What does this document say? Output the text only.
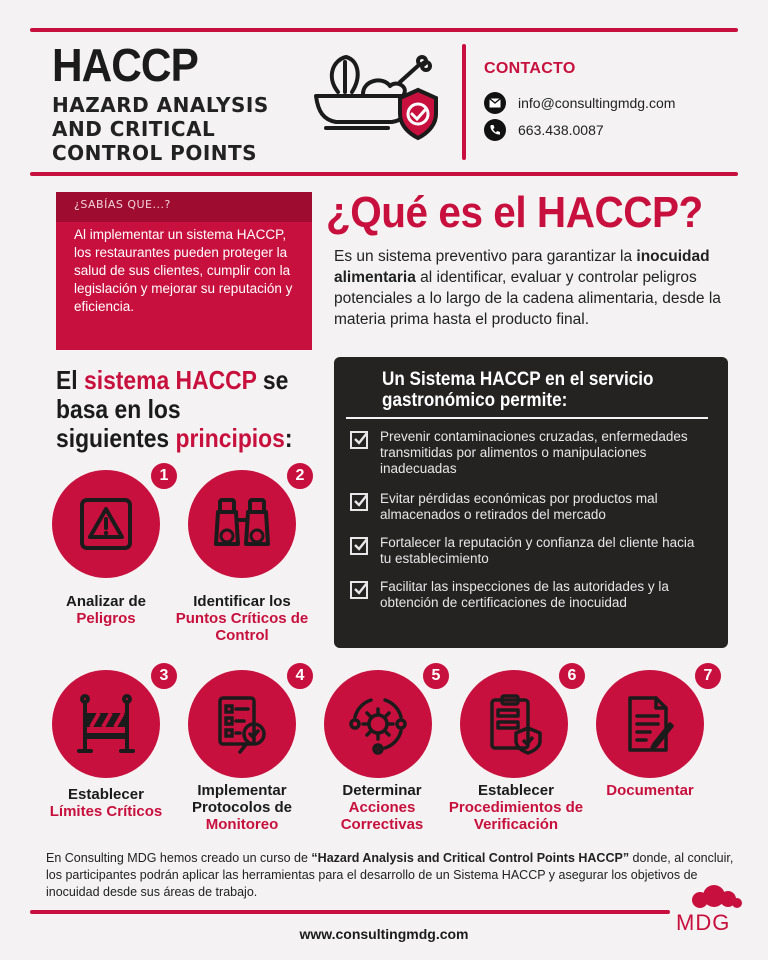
HACCP
HAZARD ANALYSIS
AND CRITICAL
CONTROL POINTS
CONTACTO
info@consultingmdg.com
663.438.0087
¿SABÍAS QUE...?
Al implementar un sistema HACCP, los restaurantes pueden proteger la salud de sus clientes, cumplir con la legislación y mejorar su reputación y eficiencia.
¿Qué es el HACCP?
Es un sistema preventivo para garantizar la inocuidad alimentaria al identificar, evaluar y controlar peligros potenciales a lo largo de la cadena alimentaria, desde la materia prima hasta el producto final.
El sistema HACCP se basa en los siguientes principios:
Un Sistema HACCP en el servicio
gastronómico permite:
Prevenir contaminaciones cruzadas, enfermedades transmitidas por alimentos o manipulaciones inadecuadas
Evitar pérdidas económicas por productos mal almacenados o retirados del mercado
Fortalecer la reputación y confianza del cliente hacia tu establecimiento
Facilitar las inspecciones de las autoridades y la obtención de certificaciones de inocuidad
1
Analizar de
Peligros
2
Identificar los
Puntos Críticos de Control
3
Establecer
Límites Críticos
4
Implementar Protocolos de
Monitoreo
5
Determinar
Acciones Correctivas
6
Establecer
Procedimientos de Verificación
7
Documentar
En Consulting MDG hemos creado un curso de “Hazard Analysis and Critical Control Points HACCP” donde, al concluir, los participantes podrán aplicar las herramientas para el desarrollo de un Sistema HACCP y asegurar los objetivos de inocuidad desde sus áreas de trabajo.
www.consultingmdg.com	MDG
